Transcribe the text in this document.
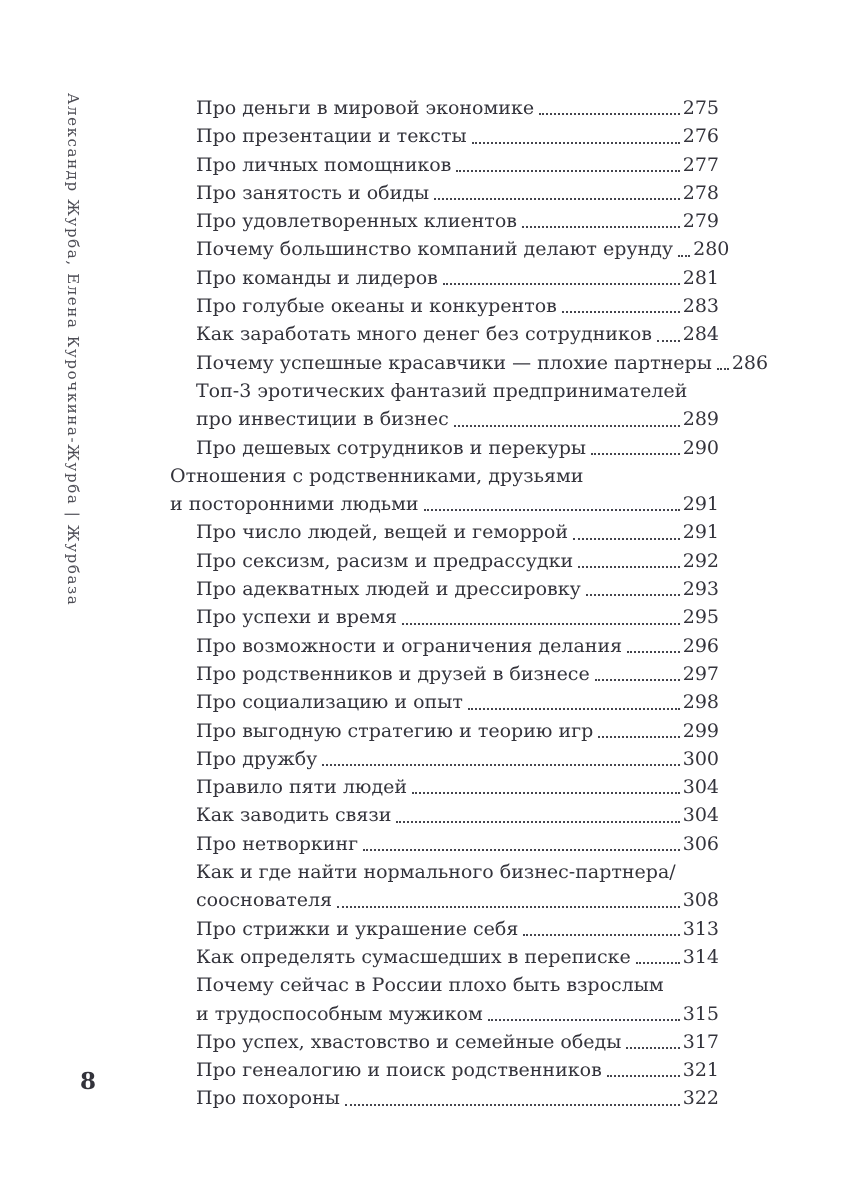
Александр Журба, Елена Курочкина-Журба | Журбаза	Про деньги в мировой экономике	275
Про презентации и тексты	276
Про личных помощников	277
Про занятость и обиды	278
Про удовлетворенных клиентов	279
Почему большинство компаний делают ерунду 280
Про команды и лидеров	281
Про голубые океаны и конкурентов	283
Как заработать много денег без сотрудников 284
Почему успешные красавчики — плохие партнеры 286
Топ-3 эротических фантазий предпринимателей
про инвестиции в бизнес	289
Про дешевых сотрудников и перекуры	290
Отношения с родственниками, друзьями
и посторонними людьми	291
Про число людей, вещей и геморрой	291
Про сексизм, расизм и предрассудки	292
Про адекватных людей и дрессировку	293
Про успехи и время	295
Про возможности и ограничения делания	296
Про родственников и друзей в бизнесе	297
Про социализацию и опыт	298
Про выгодную стратегию и теорию игр	299
Про дружбу	300
Правило пяти людей	304
Как заводить связи	304
Про нетворкинг	306
Как и где найти нормального бизнес-партнера/
сооснователя	308
Про стрижки и украшение себя	313
Как определять сумасшедших в переписке	314
Почему сейчас в России плохо быть взрослым
и трудоспособным мужиком	315
Про успех, хвастовство и семейные обеды	317
Про генеалогию и поиск родственников	321
Про похороны	322
8
